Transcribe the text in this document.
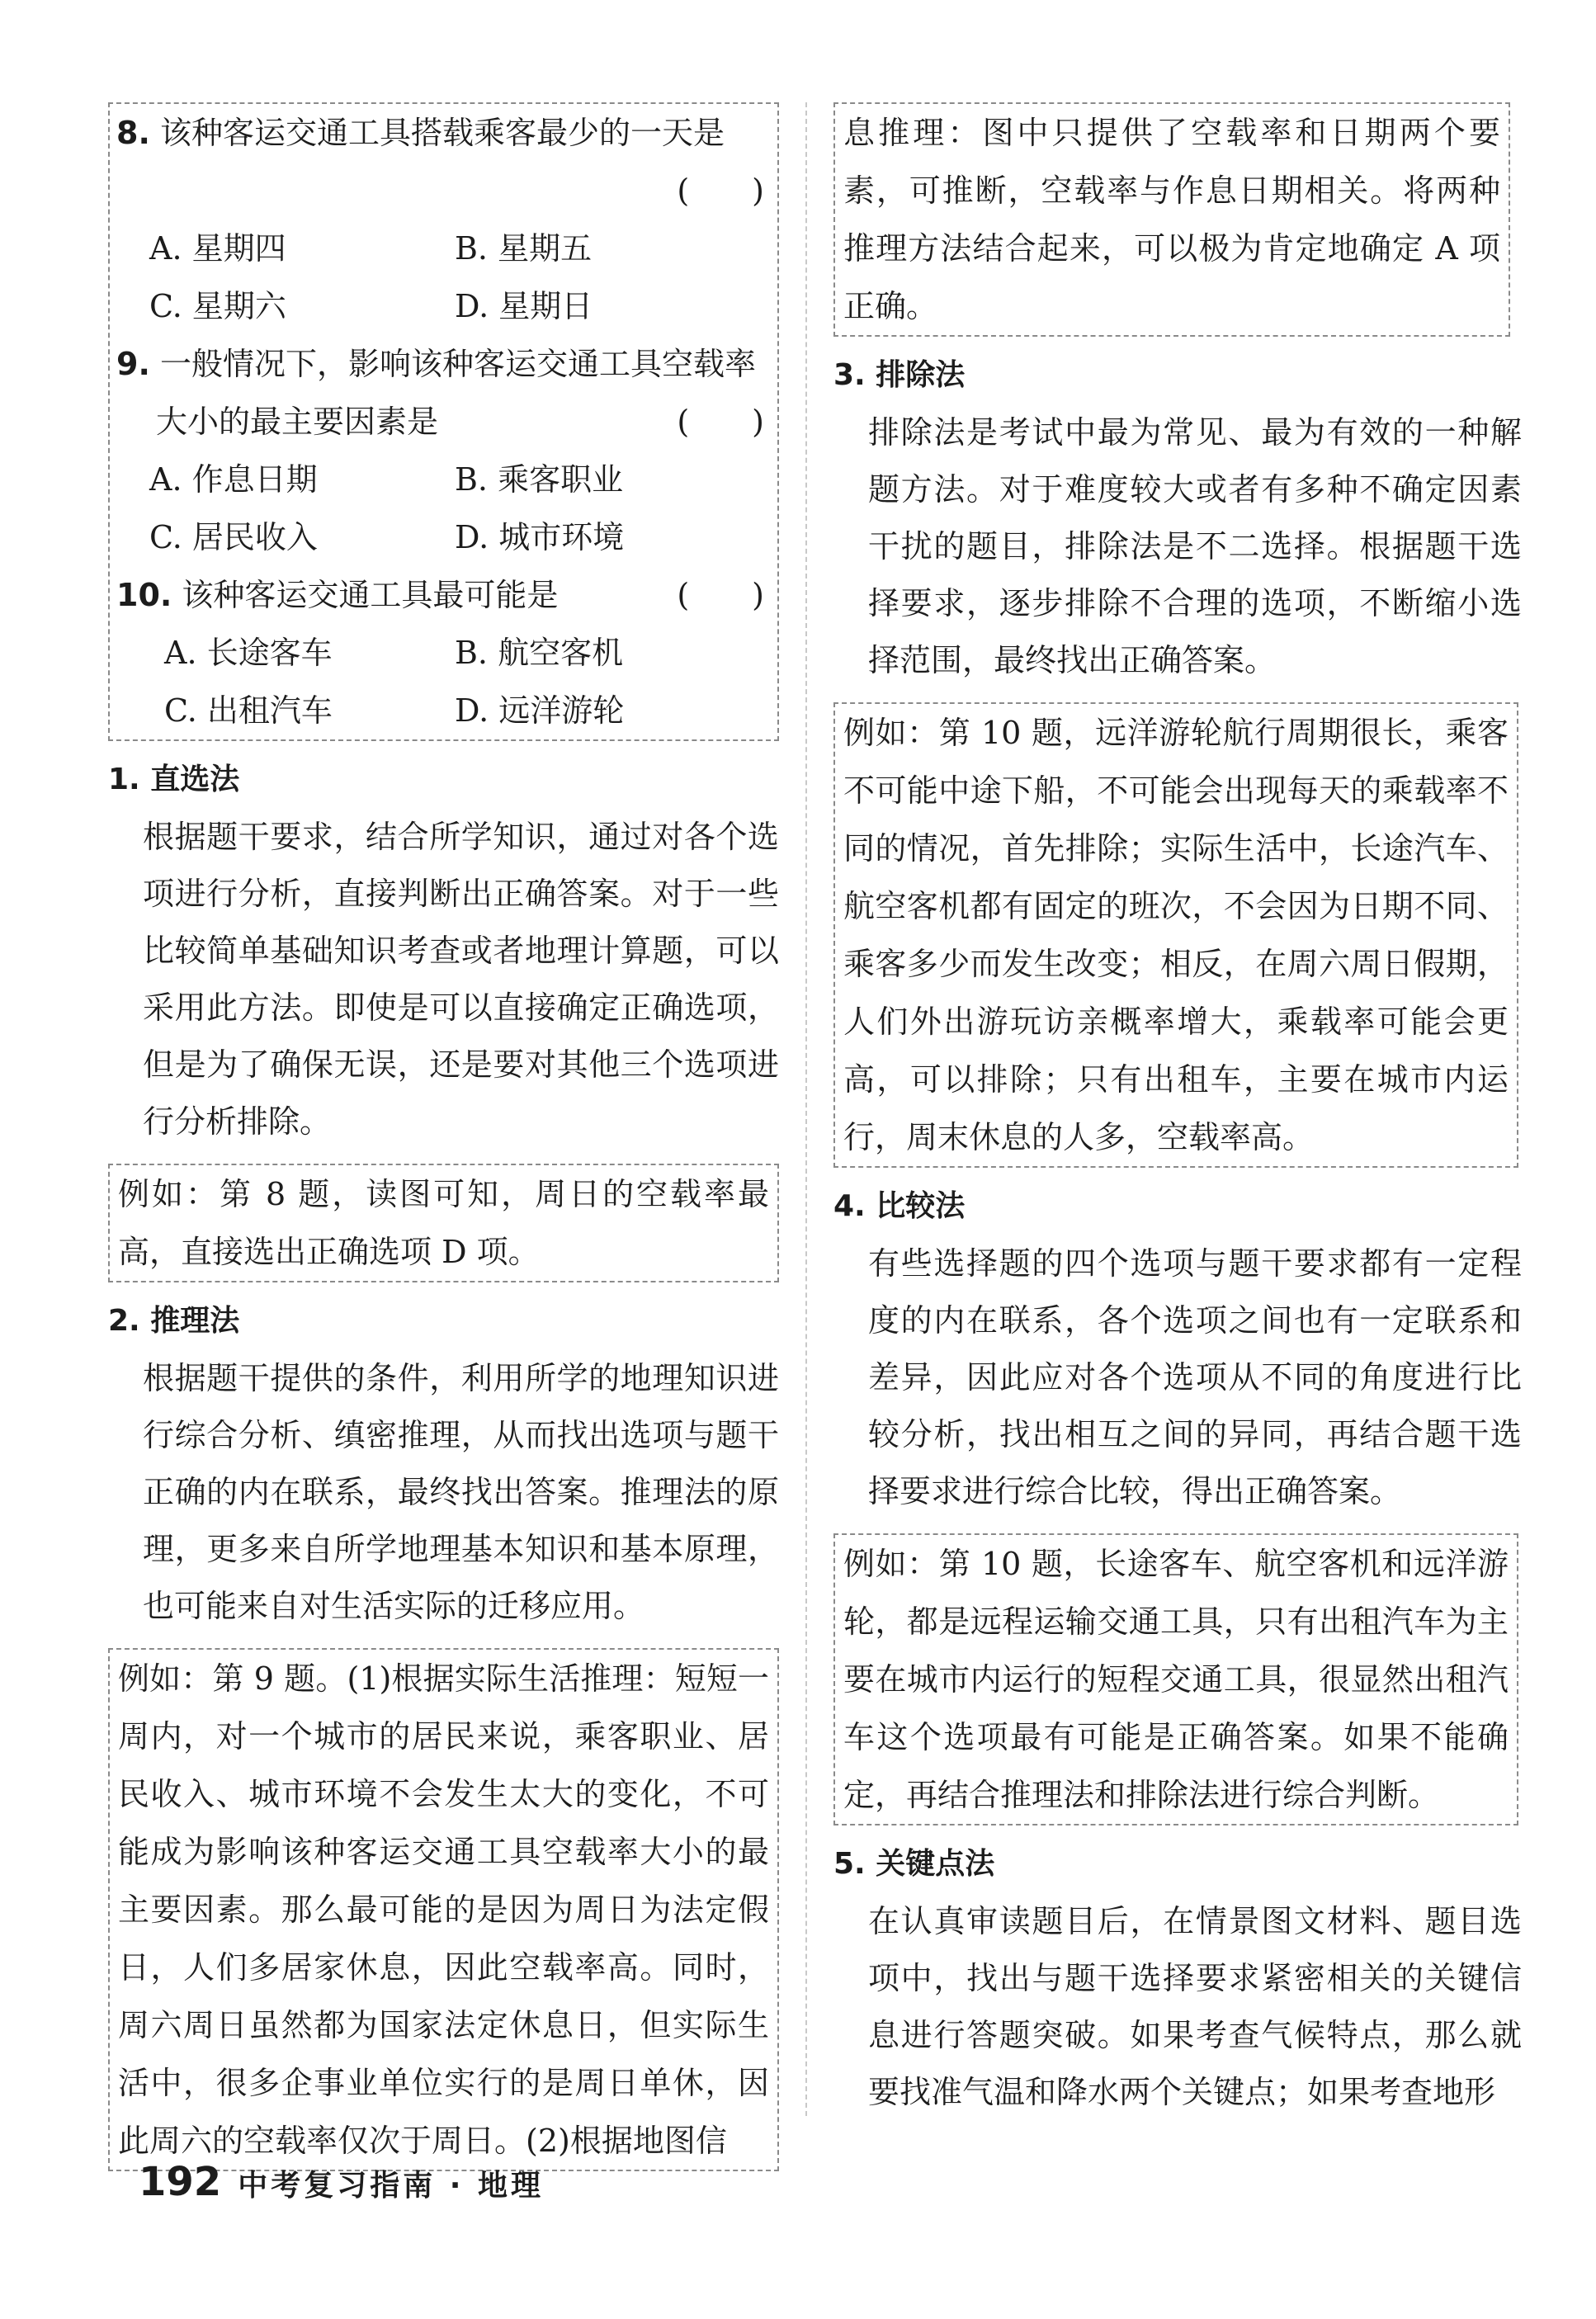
8. 该种客运交通工具搭载乘客最少的一天是
(　　)
A. 星期四	B. 星期五
C. 星期六	D. 星期日
9. 一般情况下，影响该种客运交通工具空载率
大小的最主要因素是	(　　)
A. 作息日期	B. 乘客职业
C. 居民收入	D. 城市环境
10. 该种客运交通工具最可能是	(　　)
A. 长途客车	B. 航空客机
C. 出租汽车	D. 远洋游轮
1. 直选法
根据题干要求，结合所学知识，通过对各个选项进行分析，直接判断出正确答案。对于一些比较简单基础知识考查或者地理计算题，可以采用此方法。即使是可以直接确定正确选项，但是为了确保无误，还是要对其他三个选项进行分析排除。
例如：第 8 题，读图可知，周日的空载率最高，直接选出正确选项 D 项。
2. 推理法
根据题干提供的条件，利用所学的地理知识进行综合分析、缜密推理，从而找出选项与题干正确的内在联系，最终找出答案。推理法的原理，更多来自所学地理基本知识和基本原理，也可能来自对生活实际的迁移应用。
例如：第 9 题。(1)根据实际生活推理：短短一周内，对一个城市的居民来说，乘客职业、居民收入、城市环境不会发生太大的变化，不可能成为影响该种客运交通工具空载率大小的最主要因素。那么最可能的是因为周日为法定假日，人们多居家休息，因此空载率高。同时，周六周日虽然都为国家法定休息日，但实际生活中，很多企事业单位实行的是周日单休，因此周六的空载率仅次于周日。(2)根据地图信
息推理：图中只提供了空载率和日期两个要素，可推断，空载率与作息日期相关。将两种推理方法结合起来，可以极为肯定地确定 A 项正确。
3. 排除法
排除法是考试中最为常见、最为有效的一种解题方法。对于难度较大或者有多种不确定因素干扰的题目，排除法是不二选择。根据题干选择要求，逐步排除不合理的选项，不断缩小选择范围，最终找出正确答案。
例如：第 10 题，远洋游轮航行周期很长，乘客不可能中途下船，不可能会出现每天的乘载率不同的情况，首先排除；实际生活中，长途汽车、航空客机都有固定的班次，不会因为日期不同、乘客多少而发生改变；相反，在周六周日假期，人们外出游玩访亲概率增大，乘载率可能会更高，可以排除；只有出租车，主要在城市内运行，周末休息的人多，空载率高。
4. 比较法
有些选择题的四个选项与题干要求都有一定程度的内在联系，各个选项之间也有一定联系和差异，因此应对各个选项从不同的角度进行比较分析，找出相互之间的异同，再结合题干选择要求进行综合比较，得出正确答案。
例如：第 10 题，长途客车、航空客机和远洋游轮，都是远程运输交通工具，只有出租汽车为主要在城市内运行的短程交通工具，很显然出租汽车这个选项最有可能是正确答案。如果不能确定，再结合推理法和排除法进行综合判断。
5. 关键点法
在认真审读题目后，在情景图文材料、题目选项中，找出与题干选择要求紧密相关的关键信息进行答题突破。如果考查气候特点，那么就要找准气温和降水两个关键点；如果考查地形
192 中考复习指南 · 地理
